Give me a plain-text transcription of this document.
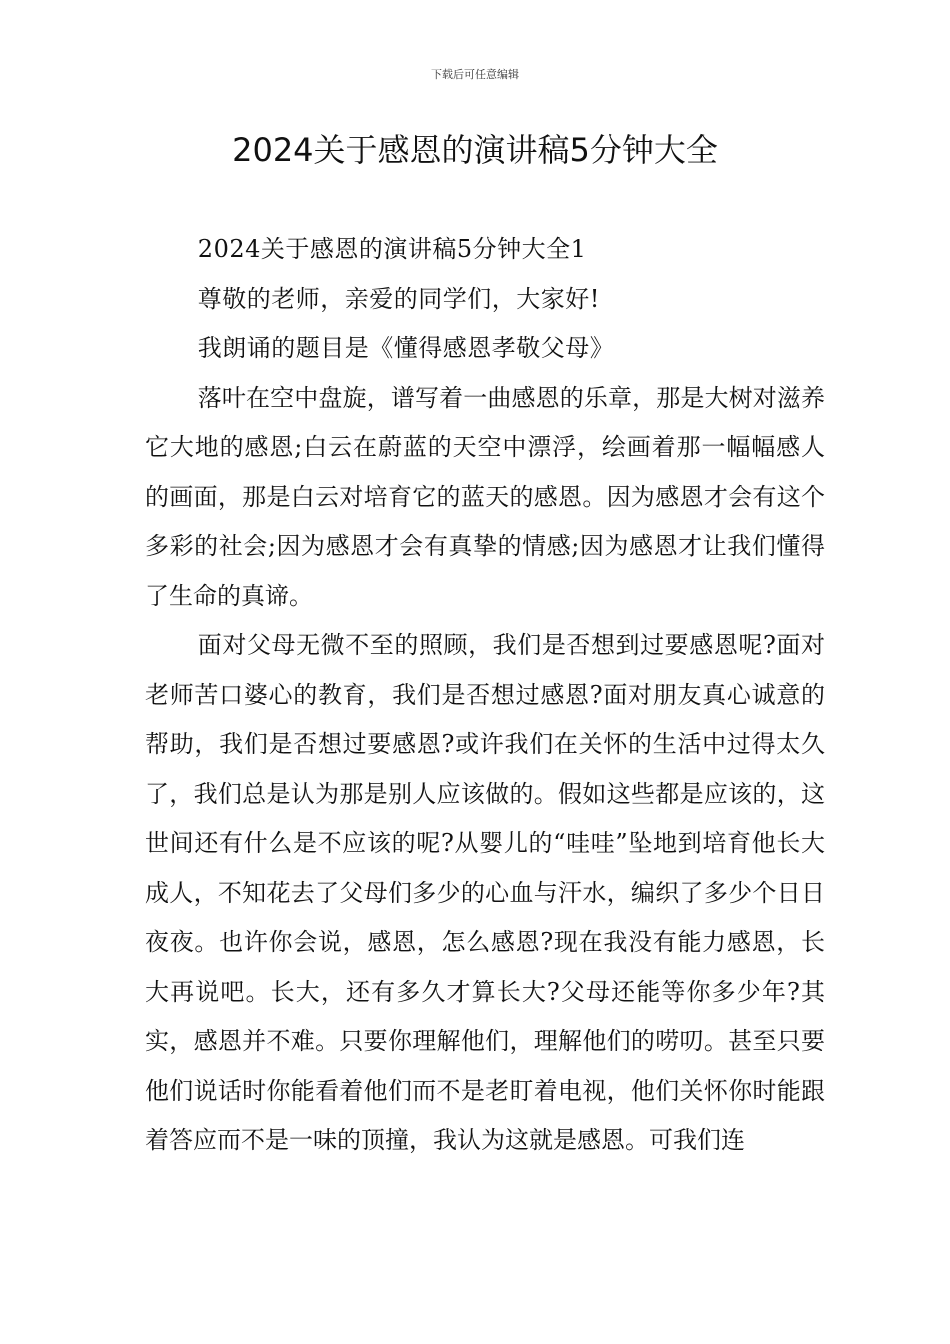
下载后可任意编辑
2024关于感恩的演讲稿5分钟大全

2024关于感恩的演讲稿5分钟大全1

尊敬的老师，亲爱的同学们，大家好!

我朗诵的题目是《懂得感恩孝敬父母》

落叶在空中盘旋，谱写着一曲感恩的乐章，那是大树对滋养它大地的感恩;白云在蔚蓝的天空中漂浮，绘画着那一幅幅感人的画面，那是白云对培育它的蓝天的感恩。因为感恩才会有这个多彩的社会;因为感恩才会有真挚的情感;因为感恩才让我们懂得了生命的真谛。

面对父母无微不至的照顾，我们是否想到过要感恩呢?面对老师苦口婆心的教育，我们是否想过感恩?面对朋友真心诚意的帮助，我们是否想过要感恩?或许我们在关怀的生活中过得太久了，我们总是认为那是别人应该做的。假如这些都是应该的，这世间还有什么是不应该的呢?从婴儿的“哇哇”坠地到培育他长大成人，不知花去了父母们多少的心血与汗水，编织了多少个日日夜夜。也许你会说，感恩，怎么感恩?现在我没有能力感恩，长大再说吧。长大，还有多久才算长大?父母还能等你多少年?其实，感恩并不难。只要你理解他们，理解他们的唠叨。甚至只要他们说话时你能看着他们而不是老盯着电视，他们关怀你时能跟着答应而不是一味的顶撞，我认为这就是感恩。可我们连
